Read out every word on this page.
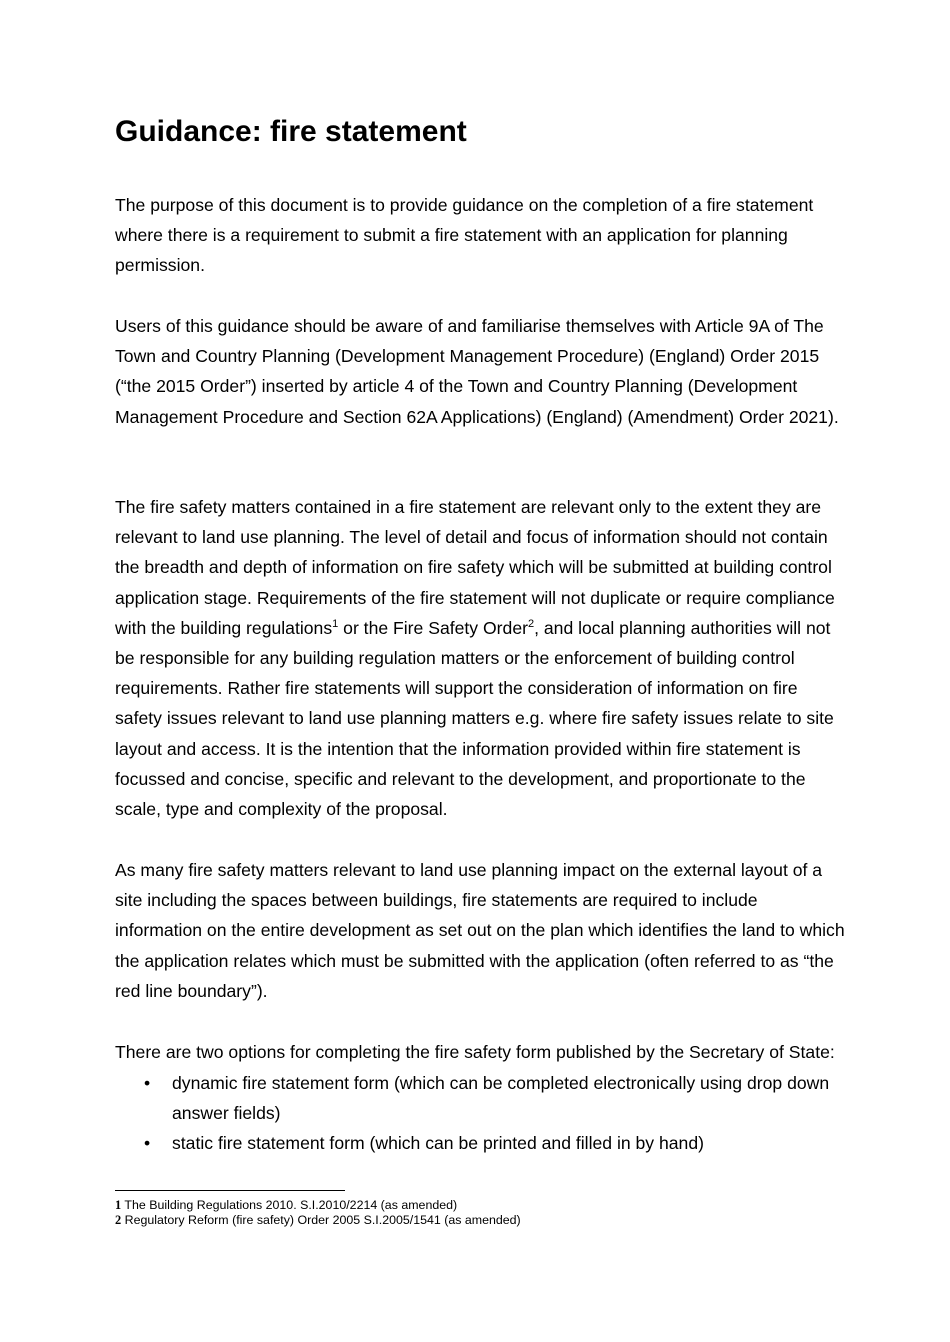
Guidance: fire statement

The purpose of this document is to provide guidance on the completion of a fire statement where there is a requirement to submit a fire statement with an application for planning permission.

Users of this guidance should be aware of and familiarise themselves with Article 9A of The Town and Country Planning (Development Management Procedure) (England) Order 2015 (“the 2015 Order”) inserted by article 4 of the Town and Country Planning (Development Management Procedure and Section 62A Applications) (England) (Amendment) Order 2021).

The fire safety matters contained in a fire statement are relevant only to the extent they are
relevant to land use planning. The level of detail and focus of information should not contain
the breadth and depth of information on fire safety which will be submitted at building control
application stage. Requirements of the fire statement will not duplicate or require compliance
with the building regulations$^1$ or the Fire Safety Order$^2$, and local planning authorities will not
be responsible for any building regulation matters or the enforcement of building control requirements. Rather fire statements will support the consideration of information on fire safety issues relevant to land use planning matters e.g. where fire safety issues relate to site layout and access. It is the intention that the information provided within fire statement is focussed and concise, specific and relevant to the development, and proportionate to the scale, type and complexity of the proposal.

As many fire safety matters relevant to land use planning impact on the external layout of a site including the spaces between buildings, fire statements are required to include information on the entire development as set out on the plan which identifies the land to which the application relates which must be submitted with the application (often referred to as “the red line boundary”).

There are two options for completing the fire safety form published by the Secretary of State:

• dynamic fire statement form (which can be completed electronically using drop down answer fields)
• static fire statement form (which can be printed and filled in by hand)
1 The Building Regulations 2010. S.I.2010/2214 (as amended)
2 Regulatory Reform (fire safety) Order 2005 S.I.2005/1541 (as amended)
